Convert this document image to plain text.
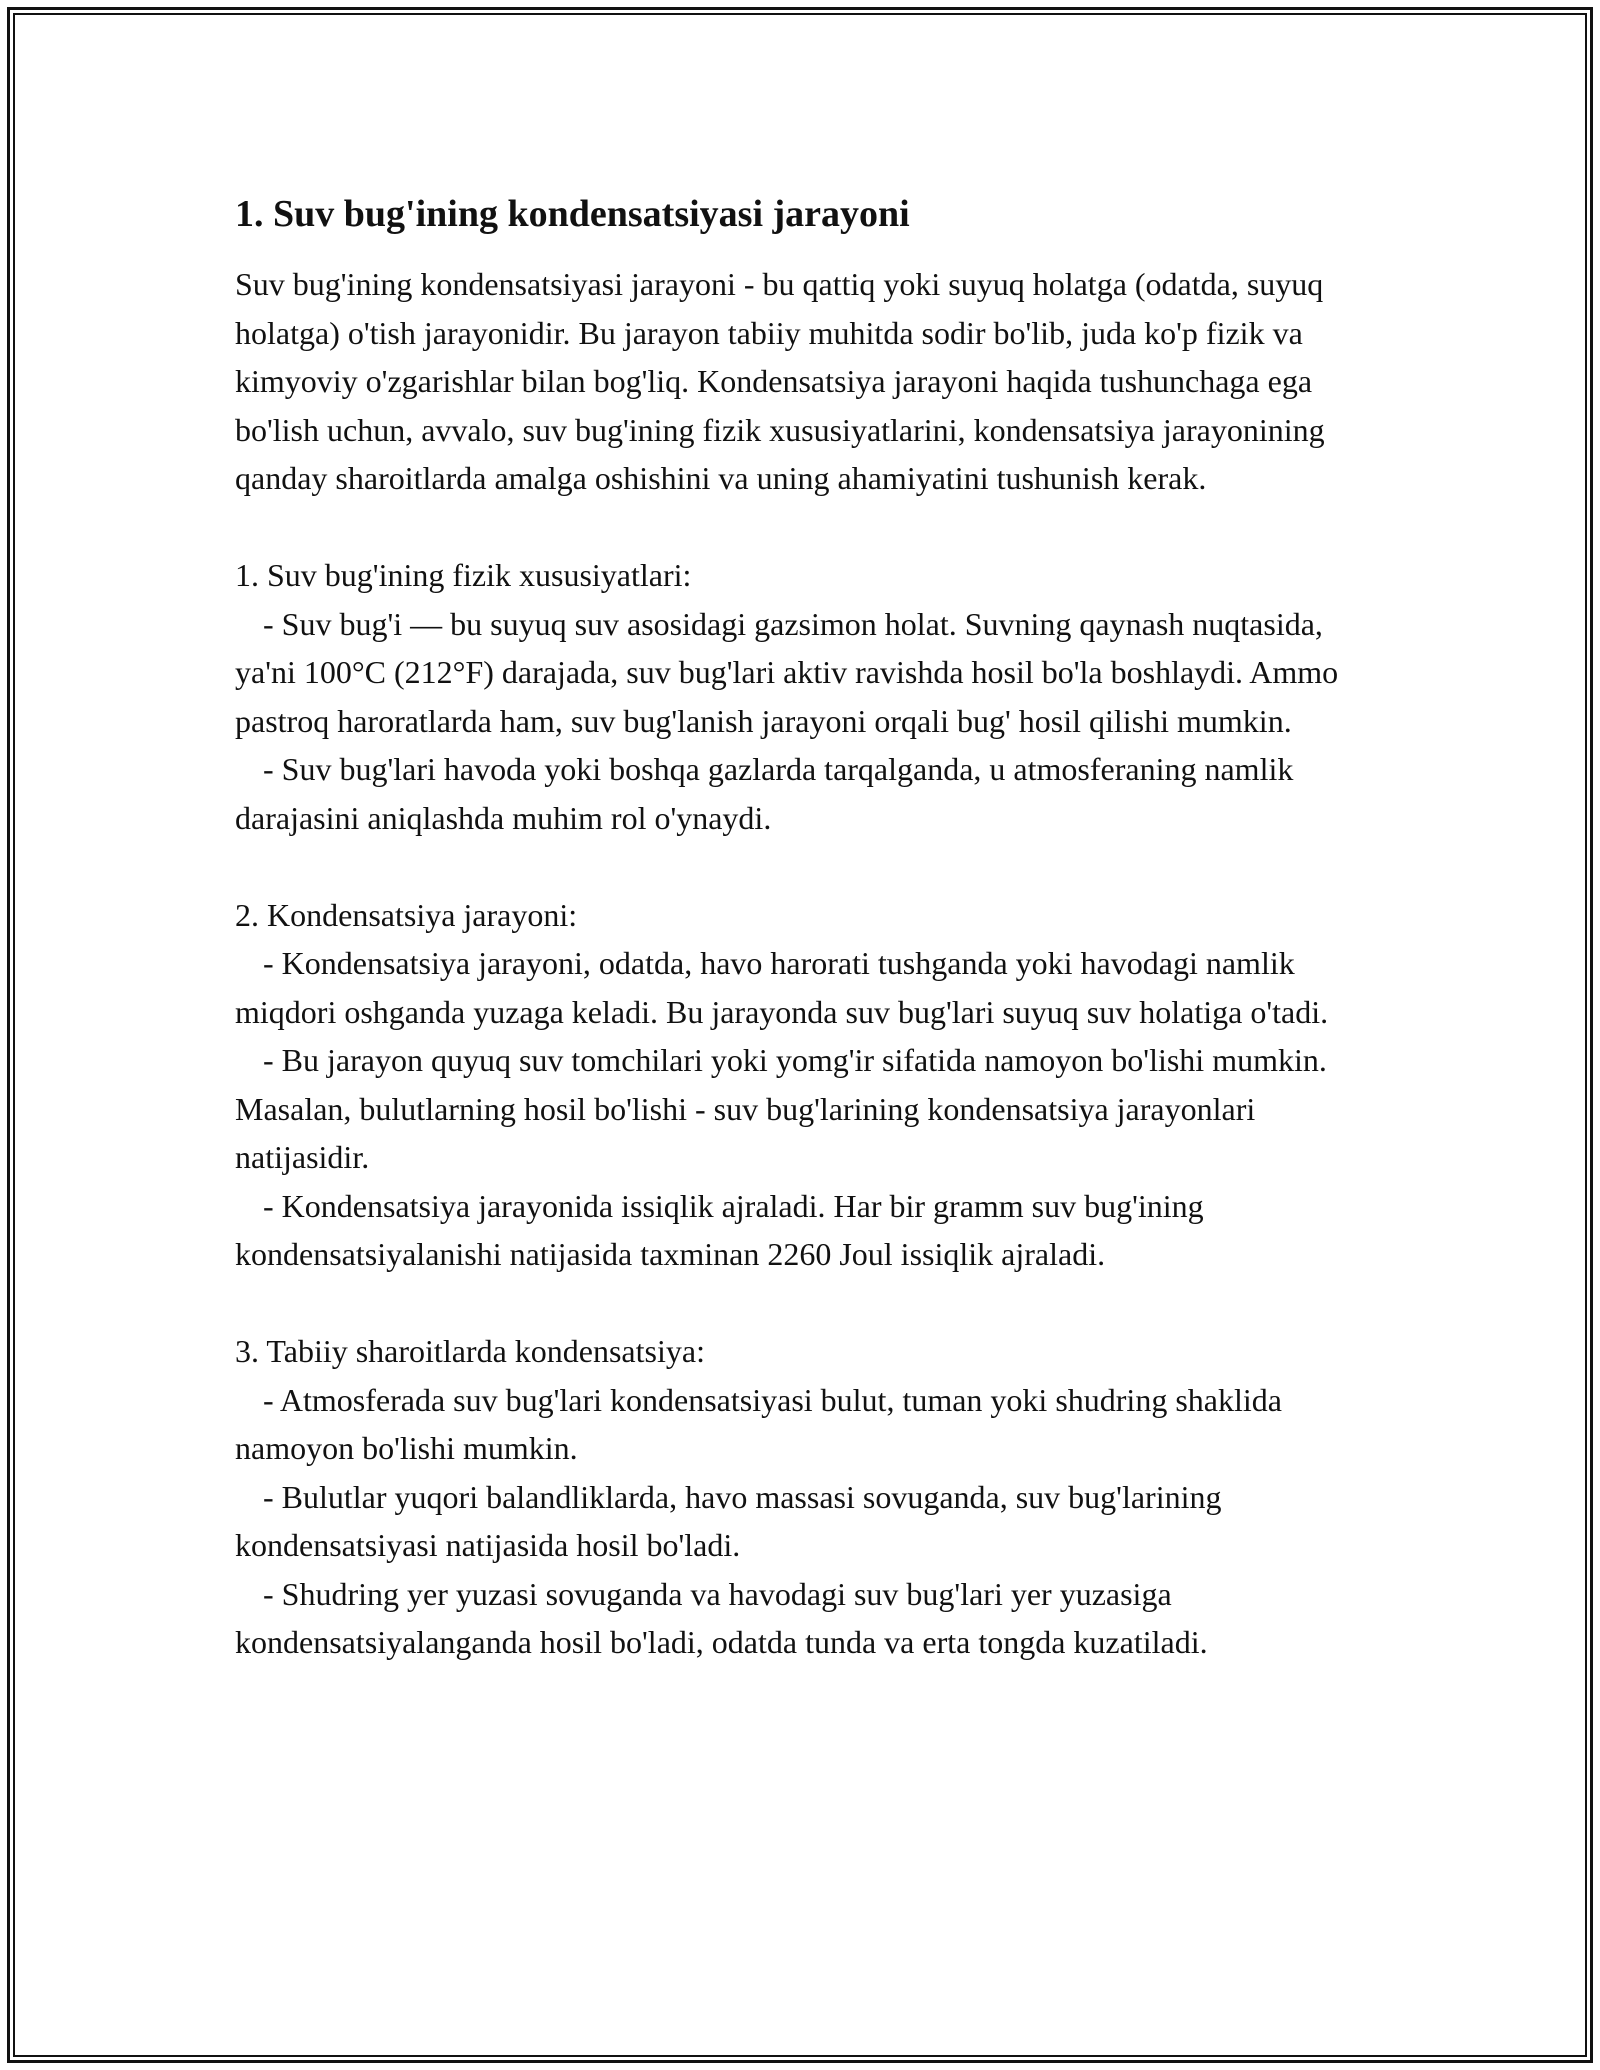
1. Suv bug'ining kondensatsiyasi jarayoni

Suv bug'ining kondensatsiyasi jarayoni - bu qattiq yoki suyuq holatga (odatda, suyuq holatga) o'tish jarayonidir. Bu jarayon tabiiy muhitda sodir bo'lib, juda ko'p fizik va kimyoviy o'zgarishlar bilan bog'liq. Kondensatsiya jarayoni haqida tushunchaga ega bo'lish uchun, avvalo, suv bug'ining fizik xususiyatlarini, kondensatsiya jarayonining qanday sharoitlarda amalga oshishini va uning ahamiyatini tushunish kerak.

1. Suv bug'ining fizik xususiyatlari:

- Suv bug'i — bu suyuq suv asosidagi gazsimon holat. Suvning qaynash nuqtasida, ya'ni 100°C (212°F) darajada, suv bug'lari aktiv ravishda hosil bo'la boshlaydi. Ammo pastroq haroratlarda ham, suv bug'lanish jarayoni orqali bug' hosil qilishi mumkin.

- Suv bug'lari havoda yoki boshqa gazlarda tarqalganda, u atmosferaning namlik darajasini aniqlashda muhim rol o'ynaydi.

2. Kondensatsiya jarayoni:

- Kondensatsiya jarayoni, odatda, havo harorati tushganda yoki havodagi namlik miqdori oshganda yuzaga keladi. Bu jarayonda suv bug'lari suyuq suv holatiga o'tadi.

- Bu jarayon quyuq suv tomchilari yoki yomg'ir sifatida namoyon bo'lishi mumkin. Masalan, bulutlarning hosil bo'lishi - suv bug'larining kondensatsiya jarayonlari natijasidir.

- Kondensatsiya jarayonida issiqlik ajraladi. Har bir gramm suv bug'ining kondensatsiyalanishi natijasida taxminan 2260 Joul issiqlik ajraladi.

3. Tabiiy sharoitlarda kondensatsiya:

- Atmosferada suv bug'lari kondensatsiyasi bulut, tuman yoki shudring shaklida namoyon bo'lishi mumkin.

- Bulutlar yuqori balandliklarda, havo massasi sovuganda, suv bug'larining kondensatsiyasi natijasida hosil bo'ladi.

- Shudring yer yuzasi sovuganda va havodagi suv bug'lari yer yuzasiga kondensatsiyalanganda hosil bo'ladi, odatda tunda va erta tongda kuzatiladi.
